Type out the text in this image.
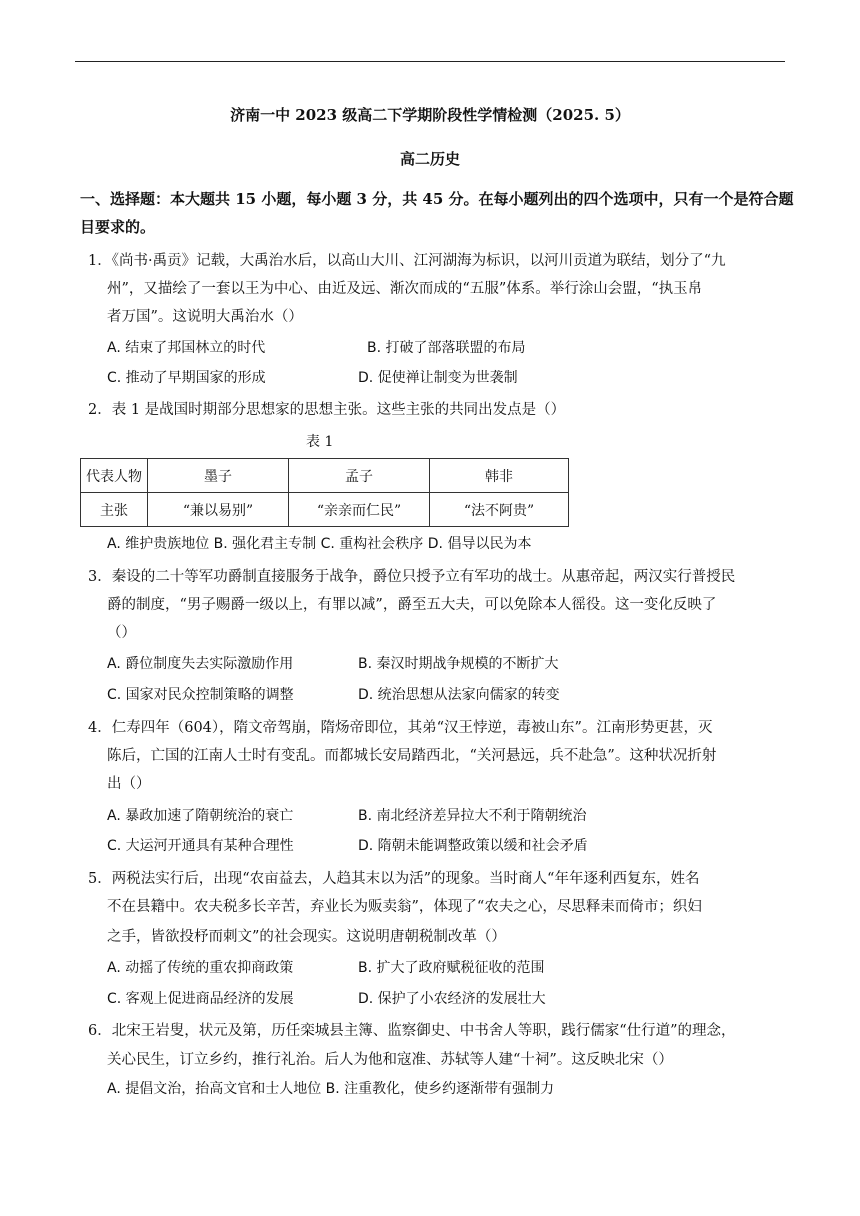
济南一中 2023 级高二下学期阶段性学情检测（2025. 5）
高二历史
一、选择题：本大题共 15 小题，每小题 3 分，共 45 分。在每小题列出的四个选项中，只有一个是符合题
目要求的。
1．《尚书·禹贡》记载，大禹治水后，以高山大川、江河湖海为标识，以河川贡道为联结，划分了“九
州”，又描绘了一套以王为中心、由近及远、渐次而成的“五服”体系。举行涂山会盟，“执玉帛
者万国”。这说明大禹治水（）
A. 结束了邦国林立的时代	B. 打破了部落联盟的布局
C. 推动了早期国家的形成	D. 促使禅让制变为世袭制
2．表 1 是战国时期部分思想家的思想主张。这些主张的共同出发点是（）
表 1
代表人物	墨子	孟子	韩非
主张	“兼以易别”	“亲亲而仁民”	“法不阿贵”
A. 维护贵族地位 B. 强化君主专制 C. 重构社会秩序 D. 倡导以民为本
3．秦设的二十等军功爵制直接服务于战争，爵位只授予立有军功的战士。从惠帝起，两汉实行普授民
爵的制度，“男子赐爵一级以上，有罪以减”，爵至五大夫，可以免除本人徭役。这一变化反映了
（）
A. 爵位制度失去实际激励作用	B. 秦汉时期战争规模的不断扩大
C. 国家对民众控制策略的调整	D. 统治思想从法家向儒家的转变
4．仁寿四年（604），隋文帝驾崩，隋炀帝即位，其弟“汉王悖逆，毒被山东”。江南形势更甚，灭
陈后，亡国的江南人士时有变乱。而都城长安局踏西北，“关河悬远，兵不赴急”。这种状况折射
出（）
A. 暴政加速了隋朝统治的衰亡	B. 南北经济差异拉大不利于隋朝统治
C. 大运河开通具有某种合理性	D. 隋朝未能调整政策以缓和社会矛盾
5．两税法实行后，出现“农亩益去，人趋其末以为活”的现象。当时商人“年年逐利西复东，姓名
不在县籍中。农夫税多长辛苦，弃业长为贩卖翁”，体现了“农夫之心，尽思释耒而倚市；织妇
之手，皆欲投杼而刺文”的社会现实。这说明唐朝税制改革（）
A. 动摇了传统的重农抑商政策	B. 扩大了政府赋税征收的范围
C. 客观上促进商品经济的发展	D. 保护了小农经济的发展壮大
6．北宋王岩叟，状元及第，历任栾城县主簿、监察御史、中书舍人等职，践行儒家“仕行道”的理念，
关心民生，订立乡约，推行礼治。后人为他和寇准、苏轼等人建“十祠”。这反映北宋（）
A. 提倡文治，抬高文官和士人地位 B. 注重教化，使乡约逐渐带有强制力
